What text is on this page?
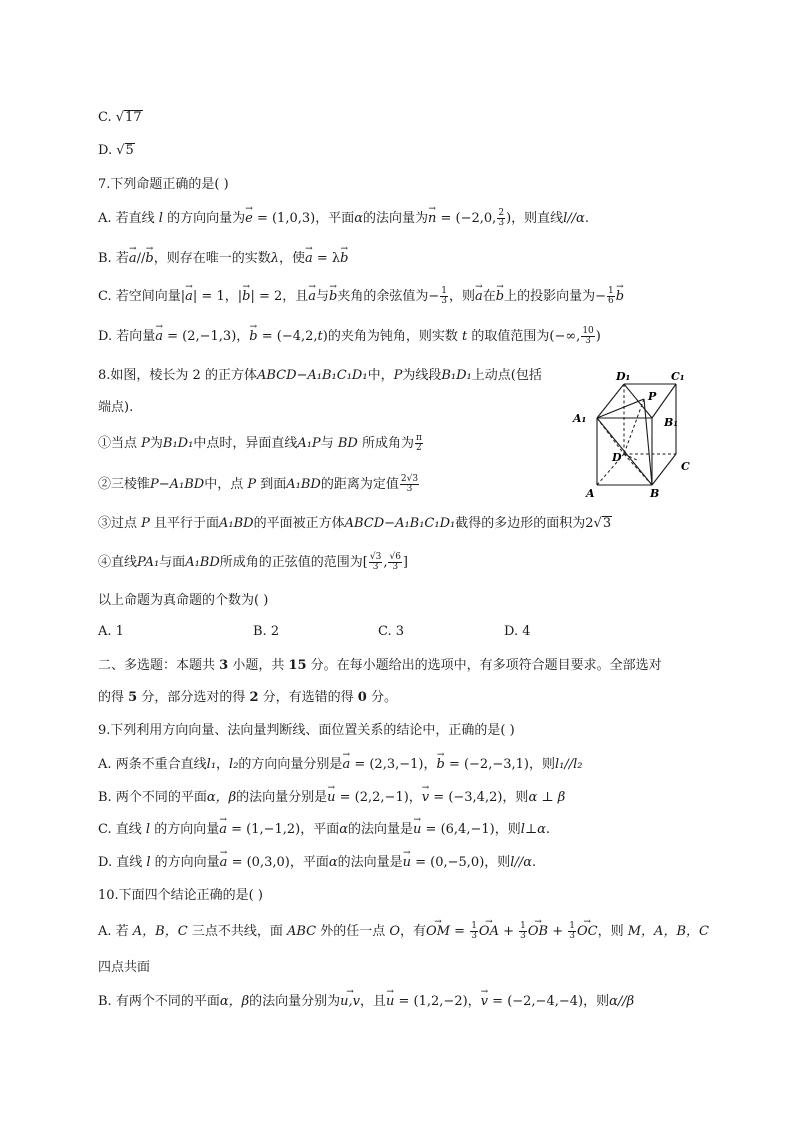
C. √17
D. √5
7.下列命题正确的是( )
A. 若直线 l 的方向向量为→ e = (1,0,3)，平面α的法向量为→ n = (−2,0, $\frac{2}{3}$ )，则直线l//α.
B. 若→ a//→ b，则存在唯一的实数λ，使→ a = λ→ b
C. 若空间向量|→ a| = 1，|→ b| = 2，且→ a与→ b夹角的余弦值为− $\frac{1}{3}$ ，则→ a在→ b上的投影向量为− $\frac{1}{6}$
→ b
D. 若向量→ a = (2,−1,3)，→ b = (−4,2,t)的夹角为钝角，则实数 t 的取值范围为(−∞, $\frac{10}{3}$ )
8.如图，棱长为 2 的正方体ABCD−A₁B₁C₁D₁中，P为线段B₁D₁上动点(包括
端点).
①当点 P为B₁D₁中点时，异面直线A₁P与 BD 所成角为 $\frac{\pi}{2}$
②三棱锥P−A₁BD中，点 P 到面A₁BD的距离为定值 $\frac{2√3}{3}$
③过点 P 且平行于面A₁BD的平面被正方体ABCD−A₁B₁C₁D₁截得的多边形的面积为2√3
④直线PA₁与面A₁BD所成角的正弦值的范围为[ $\frac{√3}{3}$ , $\frac{√6}{3}$ ]
以上命题为真命题的个数为( )
A. 1	B. 2	C. 3	D. 4
D₁	C₁
P
A₁	B₁
D
C
A	B
二、多选题：本题共 3 小题，共 15 分。在每小题给出的选项中，有多项符合题目要求。全部选对
的得 5 分，部分选对的得 2 分，有选错的得 0 分。
9.下列利用方向向量、法向量判断线、面位置关系的结论中，正确的是( )
A. 两条不重合直线l₁，l₂的方向向量分别是→ a = (2,3,−1)，→ b = (−2,−3,1)，则l₁//l₂
B. 两个不同的平面α，β的法向量分别是→ u = (2,2,−1)，→ v = (−3,4,2)，则α ⊥ β
C. 直线 l 的方向向量→ a = (1,−1,2)，平面α的法向量是→ u = (6,4,−1)，则l⊥α.
D. 直线 l 的方向向量→ a = (0,3,0)，平面α的法向量是→ u = (0,−5,0)，则l//α.
10.下面四个结论正确的是( )
A. 若 A，B，C 三点不共线，面 ABC 外的任一点 O，有→ OM = $\frac{1}{3}$
→ OA + $\frac{1}{3}$
→ OB + $\frac{1}{3}$
→ OC，则 M，A，B，C
四点共面
B. 有两个不同的平面α，β的法向量分别为→ u,v，且→ u = (1,2,−2)，→ v = (−2,−4,−4)，则α//β
